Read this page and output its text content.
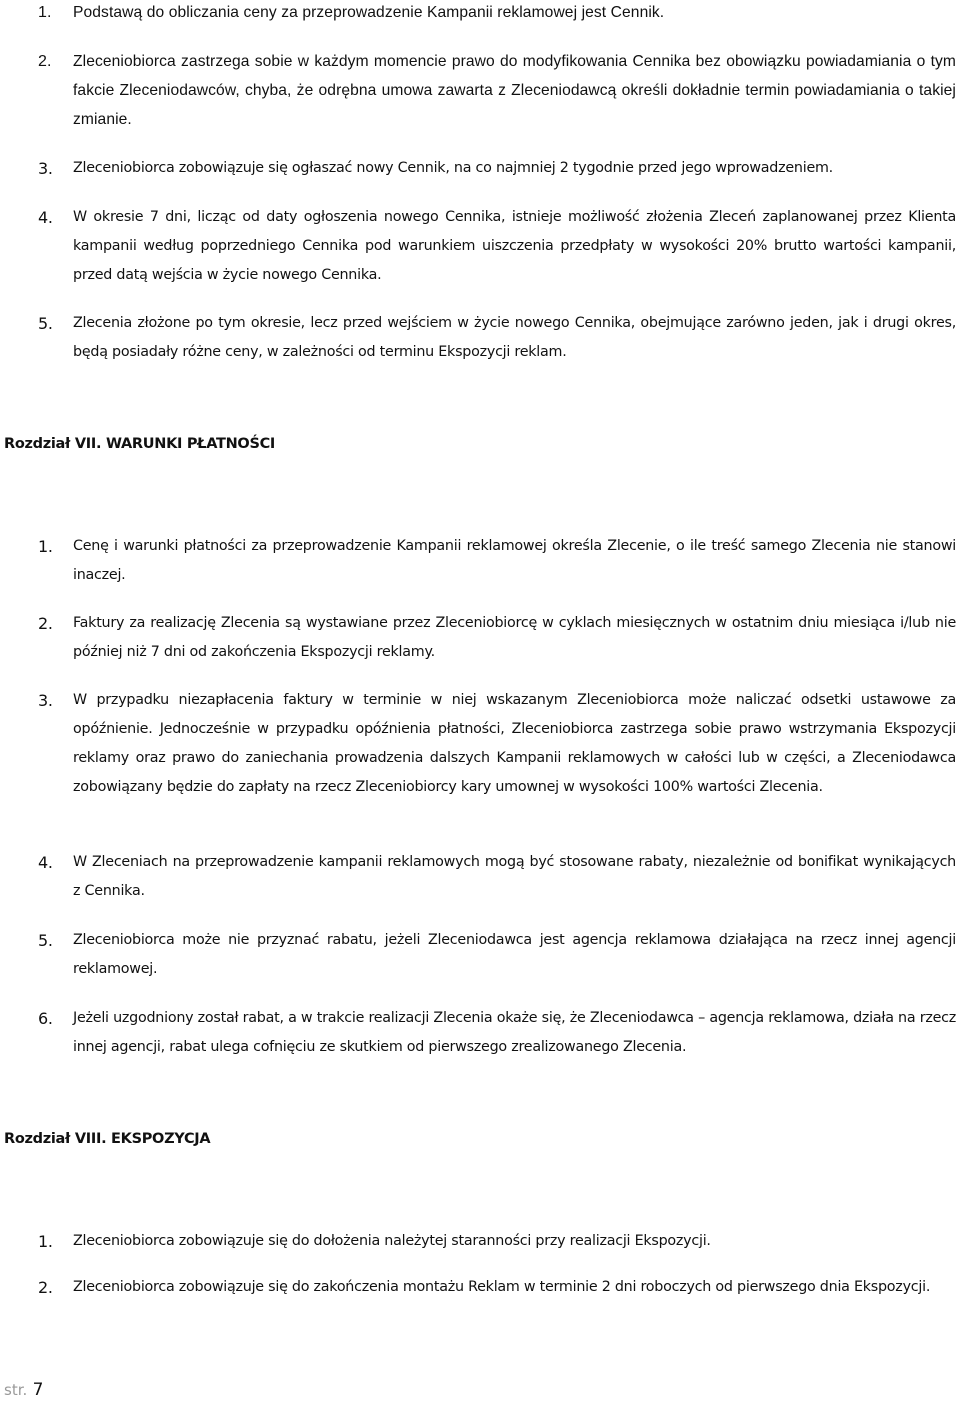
1. Podstawą do obliczania ceny za przeprowadzenie Kampanii reklamowej jest Cennik.
2. Zleceniobiorca zastrzega sobie w każdym momencie prawo do modyfikowania Cennika bez obowiązku powiadamiania o tym fakcie Zleceniodawców, chyba, że odrębna umowa zawarta z Zleceniodawcą określi dokładnie termin powiadamiania o takiej zmianie.
3. Zleceniobiorca zobowiązuje się ogłaszać nowy Cennik, na co najmniej 2 tygodnie przed jego wprowadzeniem.
4. W okresie 7 dni, licząc od daty ogłoszenia nowego Cennika, istnieje możliwość złożenia Zleceń zaplanowanej przez Klienta kampanii według poprzedniego Cennika pod warunkiem uiszczenia przedpłaty w wysokości 20% brutto wartości kampanii, przed datą wejścia w życie nowego Cennika.
5. Zlecenia złożone po tym okresie, lecz przed wejściem w życie nowego Cennika, obejmujące zarówno jeden, jak i drugi okres, będą posiadały różne ceny, w zależności od terminu Ekspozycji reklam.
Rozdział VII. WARUNKI PŁATNOŚCI
1. Cenę i warunki płatności za przeprowadzenie Kampanii reklamowej określa Zlecenie, o ile treść samego Zlecenia nie stanowi inaczej.
2. Faktury za realizację Zlecenia są wystawiane przez Zleceniobiorcę w cyklach miesięcznych w ostatnim dniu miesiąca i/lub nie później niż 7 dni od zakończenia Ekspozycji reklamy.
3. W przypadku niezapłacenia faktury w terminie w niej wskazanym Zleceniobiorca może naliczać odsetki ustawowe za opóźnienie. Jednocześnie w przypadku opóźnienia płatności, Zleceniobiorca zastrzega sobie prawo wstrzymania Ekspozycji reklamy oraz prawo do zaniechania prowadzenia dalszych Kampanii reklamowych w całości lub w części, a Zleceniodawca zobowiązany będzie do zapłaty na rzecz Zleceniobiorcy kary umownej w wysokości 100% wartości Zlecenia.
4. W Zleceniach na przeprowadzenie kampanii reklamowych mogą być stosowane rabaty, niezależnie od bonifikat wynikających z Cennika.
5. Zleceniobiorca może nie przyznać rabatu, jeżeli Zleceniodawca jest agencja reklamowa działająca na rzecz innej agencji reklamowej.
6. Jeżeli uzgodniony został rabat, a w trakcie realizacji Zlecenia okaże się, że Zleceniodawca – agencja reklamowa, działa na rzecz innej agencji, rabat ulega cofnięciu ze skutkiem od pierwszego zrealizowanego Zlecenia.
Rozdział VIII. EKSPOZYCJA
1. Zleceniobiorca zobowiązuje się do dołożenia należytej staranności przy realizacji Ekspozycji.
2. Zleceniobiorca zobowiązuje się do zakończenia montażu Reklam w terminie 2 dni roboczych od pierwszego dnia Ekspozycji.
str. 7
